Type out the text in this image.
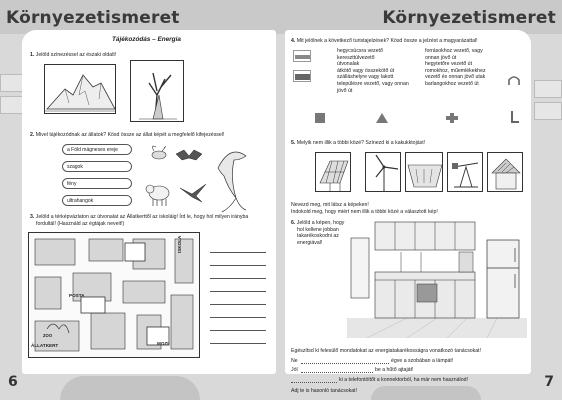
Környezetismeret
Tájékozódás – Energia
1. Jelöld színezéssel az északi oldalt!
2. Mivel tájékozódnak az állatok? Kösd össze az állat képét a megfelelő kifejezéssel!
a Föld mágneses ereje
szagok
fény
ultrahangok
3. Jelöld a térképvázlaton az útvonalat az Állatkerttől az iskoláig! Írd le, hogy hol milyen irányba
fordultál! (Használd az égtájak neveit!)
POSTA
ISKOLA
ÁLLATKERT
ZOO
MOZI
6
Környezetismeret
4. Mit jelölnek a következő turistajelzések? Kösd össze a jelzést a magyarázattal!
hegycsúcsra vezető
kereszttúlvezető
útvonalak
átkötő vagy összekötő út
szálláshelyre vagy lakott
településre vezető, vagy onnan
jövő út
forrásokhoz vezető, vagy
onnan jövő út
hegytetőre vezető út
romokhoz, műemlékekhez
vezető és onnan jövő utak
barlangokhoz vezető út
5. Melyik nem illik a többi közé? Színezd ki a kakukktojást!
Nevezd meg, mit látsz a képeken!
Indokold meg, hogy miért nem illik a többi közé a választott kép!
6. Jelöld a képen, hogy
hol kellene jobban
takarékoskodni az
energiával!
Egészítsd ki felesülő mondatokat az energiatakarékosságra vonatkozó tanácsokat!
Ne	égve a szobában a lámpát!
Jól	be a hűtő ajtaját!
ki a telefontöltőt a konnektorból, ha már nem használod!
Adj te is hasonló tanácsokat!
7
